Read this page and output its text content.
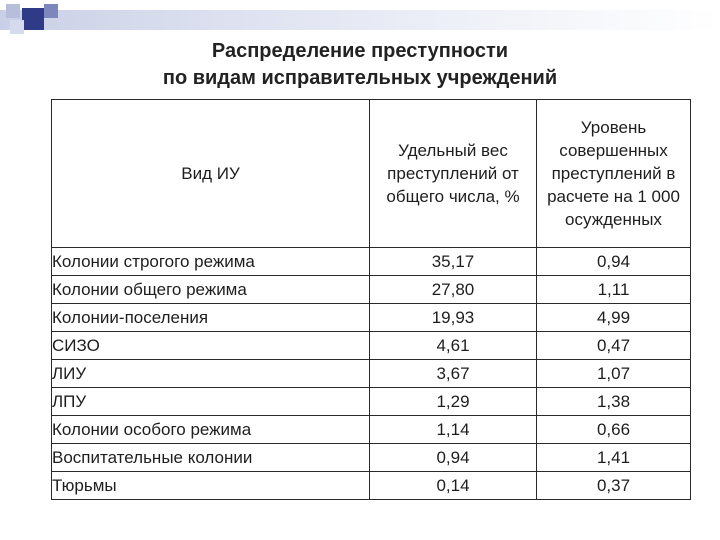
Распределение преступности
по видам исправительных учреждений
Вид ИУ	Удельный вес преступлений от общего числа, %	Уровень совершенных преступлений в расчете на 1 000 осужденных
Колонии строгого режима	35,17	0,94
Колонии общего режима	27,80	1,11
Колонии-поселения	19,93	4,99
СИЗО	4,61	0,47
ЛИУ	3,67	1,07
ЛПУ	1,29	1,38
Колонии особого режима	1,14	0,66
Воспитательные колонии	0,94	1,41
Тюрьмы	0,14	0,37
